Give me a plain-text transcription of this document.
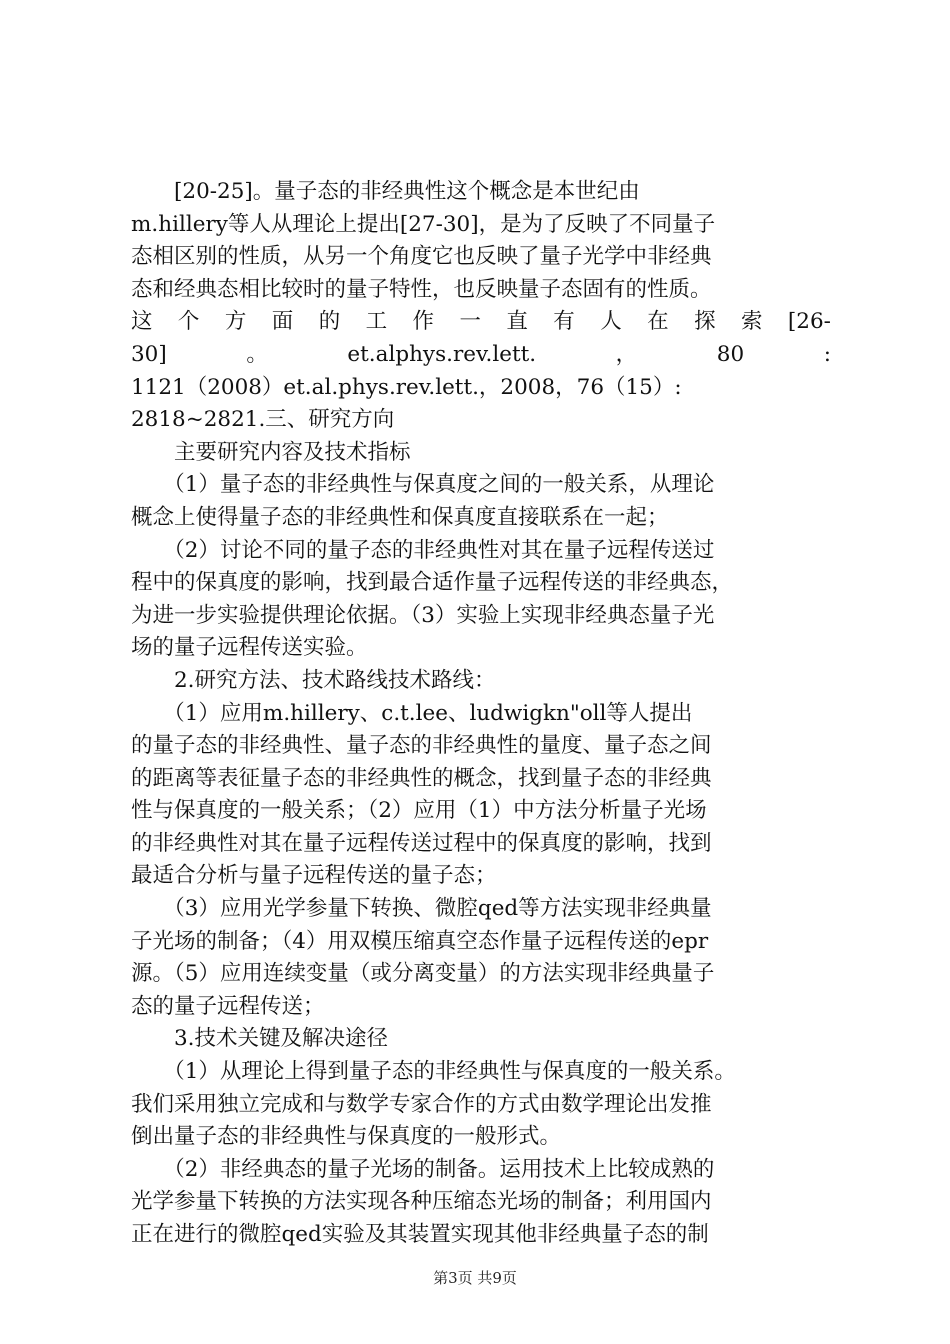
　　[20-25]。量子态的非经典性这个概念是本世纪由
m.hillery等人从理论上提出[27-30]，是为了反映了不同量子
态相区别的性质，从另一个角度它也反映了量子光学中非经典
态和经典态相比较时的量子特性，也反映量子态固有的性质。
这 个 方 面 的 工 作 一 直 有 人 在 探 索 [26-
30]	。	et.alphys.rev.lett.	，	80	:
1121（2008）et.al.phys.rev.lett.，2008，76（15）:
2818~2821.三、研究方向
　　主要研究内容及技术指标
　　（1）量子态的非经典性与保真度之间的一般关系，从理论
概念上使得量子态的非经典性和保真度直接联系在一起；
　　（2）讨论不同的量子态的非经典性对其在量子远程传送过
程中的保真度的影响，找到最合适作量子远程传送的非经典态，
为进一步实验提供理论依据。（3）实验上实现非经典态量子光
场的量子远程传送实验。
　　2.研究方法、技术路线技术路线：
　　（1）应用m.hillery、c.t.lee、ludwigkn"oll等人提出
的量子态的非经典性、量子态的非经典性的量度、量子态之间
的距离等表征量子态的非经典性的概念，找到量子态的非经典
性与保真度的一般关系；（2）应用（1）中方法分析量子光场
的非经典性对其在量子远程传送过程中的保真度的影响，找到
最适合分析与量子远程传送的量子态；
　　（3）应用光学参量下转换、微腔qed等方法实现非经典量
子光场的制备；（4）用双模压缩真空态作量子远程传送的epr
源。（5）应用连续变量（或分离变量）的方法实现非经典量子
态的量子远程传送；
　　3.技术关键及解决途径
　　（1）从理论上得到量子态的非经典性与保真度的一般关系。
我们采用独立完成和与数学专家合作的方式由数学理论出发推
倒出量子态的非经典性与保真度的一般形式。
　　（2）非经典态的量子光场的制备。运用技术上比较成熟的
光学参量下转换的方法实现各种压缩态光场的制备；利用国内
正在进行的微腔qed实验及其装置实现其他非经典量子态的制
第3页 共9页
